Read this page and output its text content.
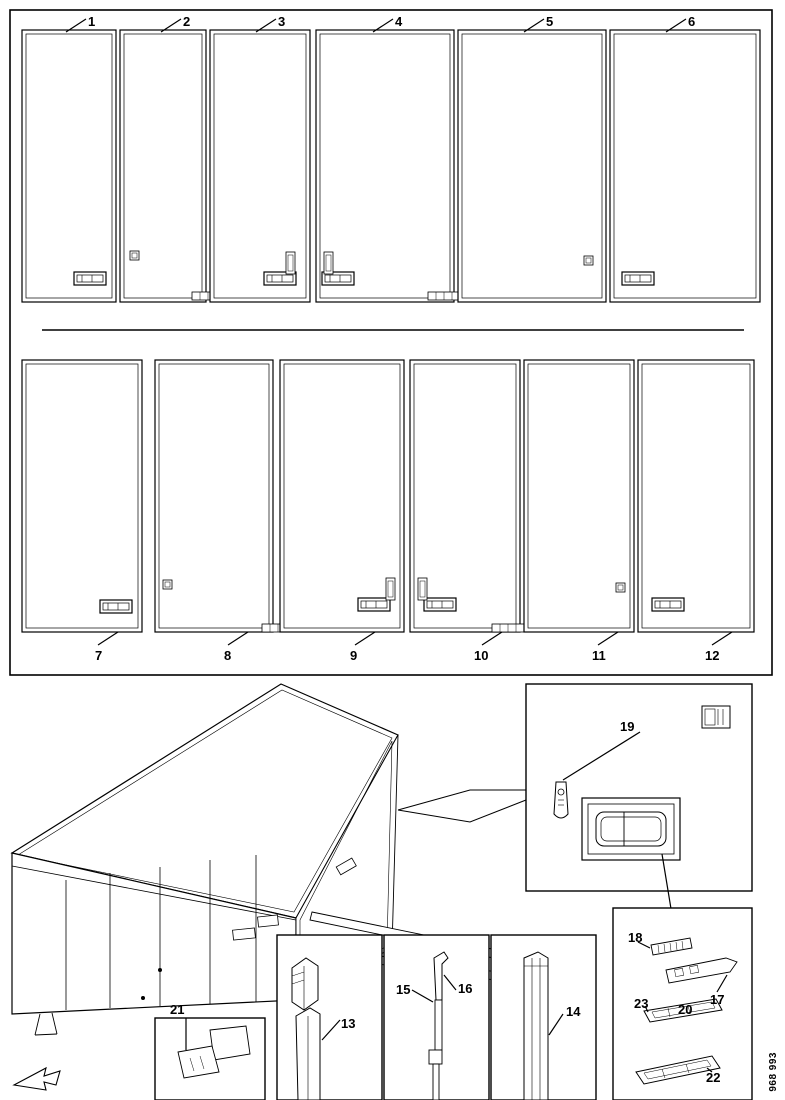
1	2	3	4	5	6
7	8	9	10	11	12
13
14
15	16
17
18
19
20
21
22
23
968 993
